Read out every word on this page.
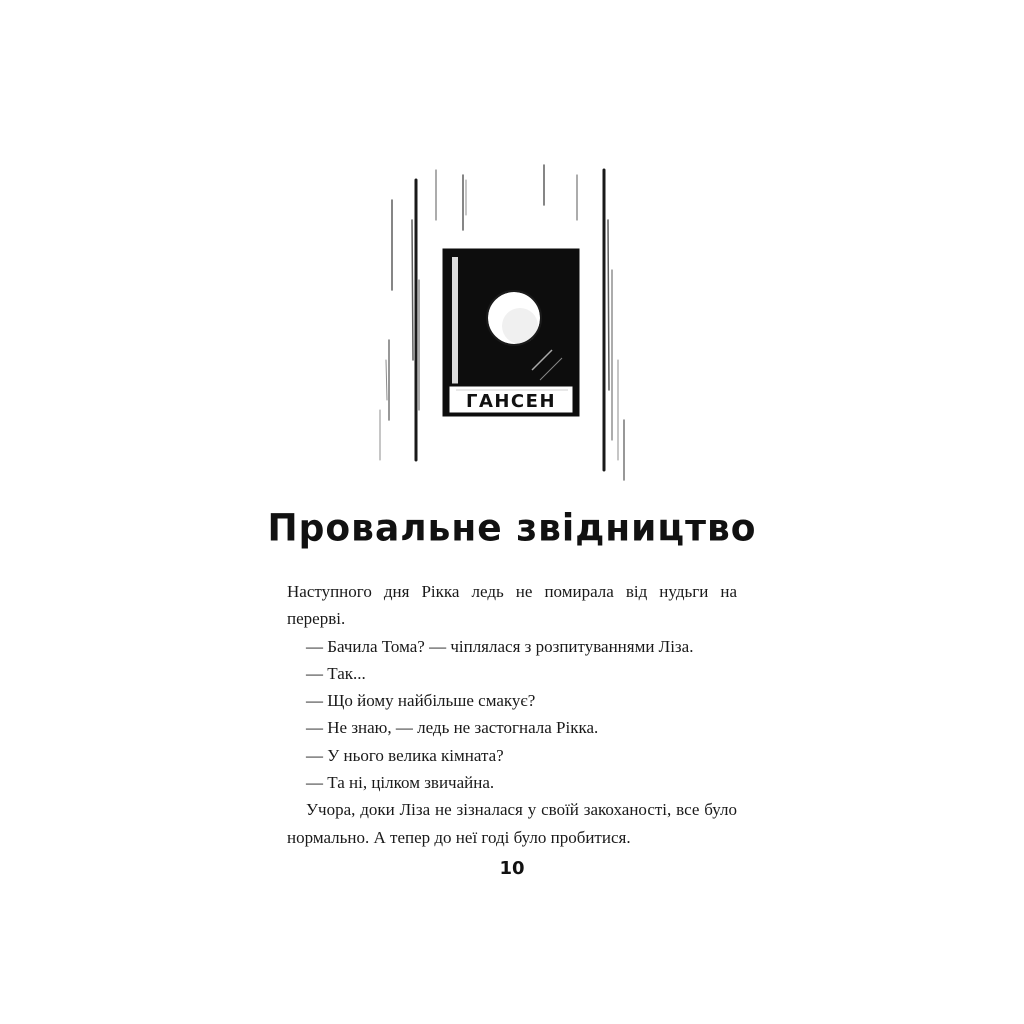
ГАНСЕН
Провальне звідництво

Наступного дня Рікка ледь не помирала від нудьги на перерві.

— Бачила Тома? — чіплялася з розпитуваннями Ліза.

— Так...

— Що йому найбільше смакує?

— Не знаю, — ледь не застогнала Рікка.

— У нього велика кімната?

— Та ні, цілком звичайна.

Учора, доки Ліза не зізналася у своїй закоханості, все було нормально. А тепер до неї годі було пробитися.

10
